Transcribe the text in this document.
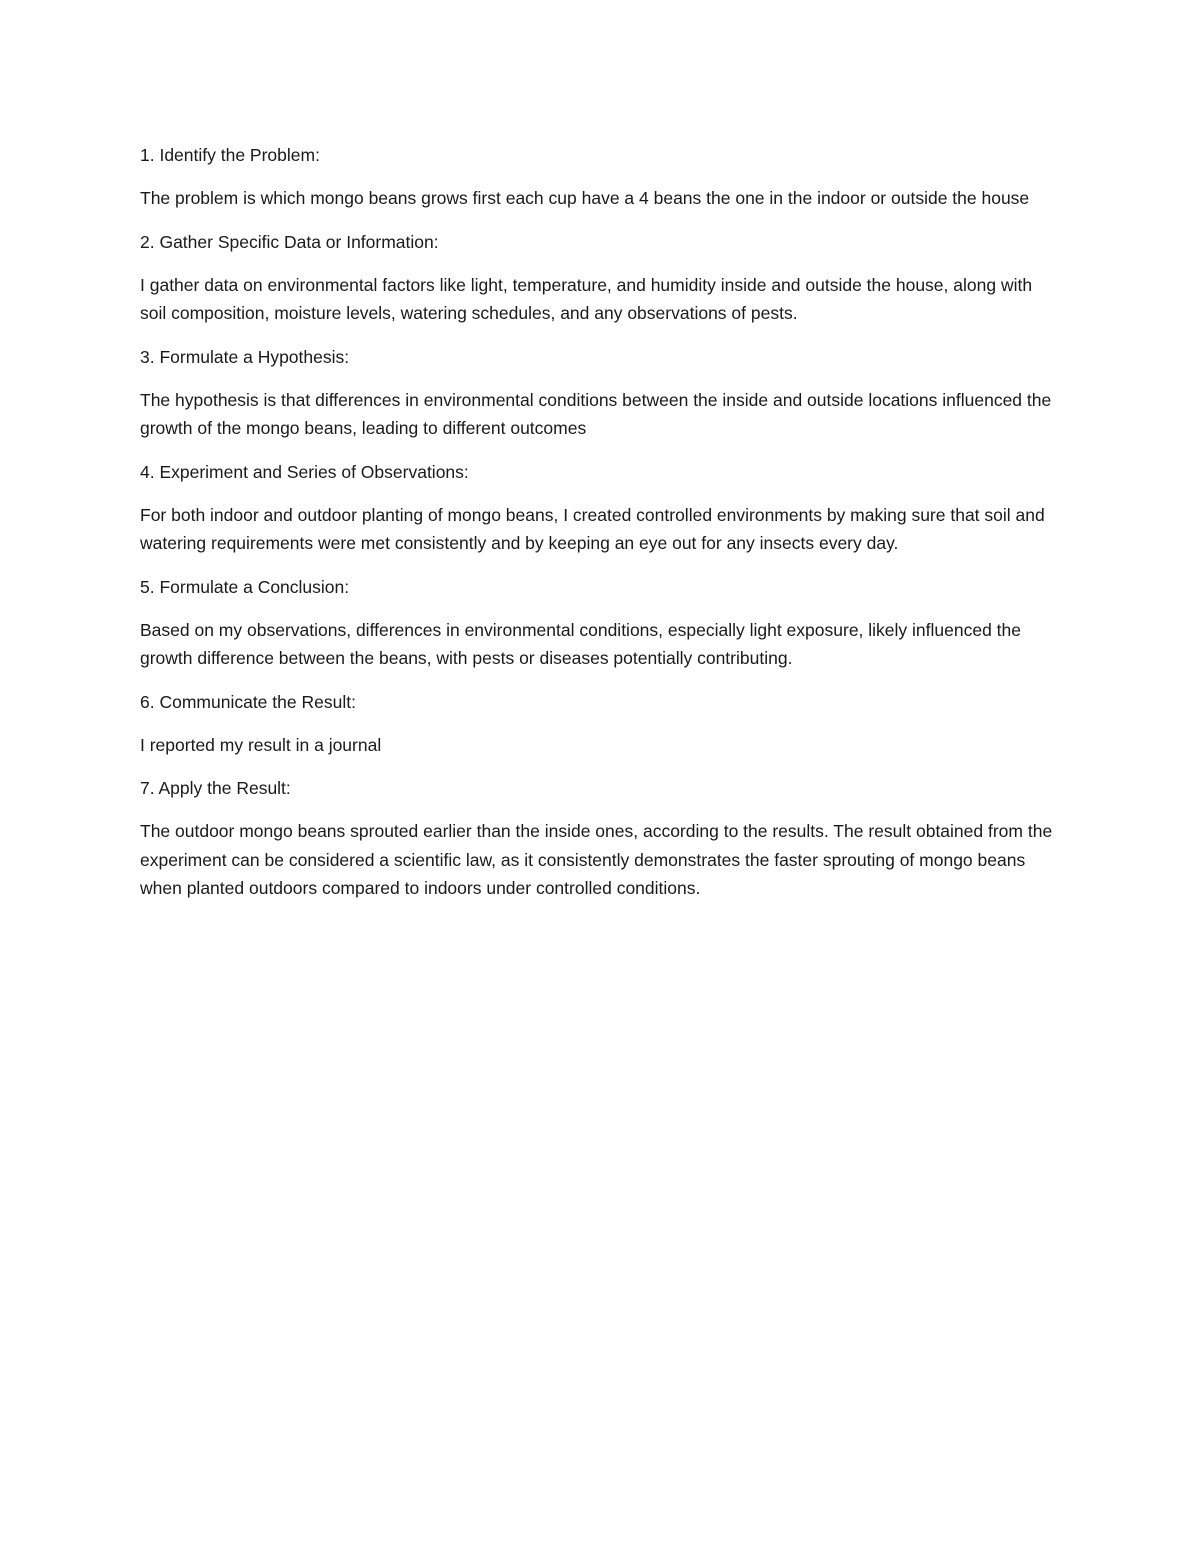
1. Identify the Problem:

The problem is which mongo beans grows first each cup have a 4 beans the one in the indoor or outside the house

2. Gather Specific Data or Information:

I gather data on environmental factors like light, temperature, and humidity inside and outside the house, along with soil composition, moisture levels, watering schedules, and any observations of pests.

3. Formulate a Hypothesis:

The hypothesis is that differences in environmental conditions between the inside and outside locations influenced the growth of the mongo beans, leading to different outcomes

4. Experiment and Series of Observations:

For both indoor and outdoor planting of mongo beans, I created controlled environments by making sure that soil and watering requirements were met consistently and by keeping an eye out for any insects every day.

5. Formulate a Conclusion:

Based on my observations, differences in environmental conditions, especially light exposure, likely influenced the growth difference between the beans, with pests or diseases potentially contributing.

6. Communicate the Result:

I reported my result in a journal

7. Apply the Result:

The outdoor mongo beans sprouted earlier than the inside ones, according to the results. The result obtained from the experiment can be considered a scientific law, as it consistently demonstrates the faster sprouting of mongo beans when planted outdoors compared to indoors under controlled conditions.
